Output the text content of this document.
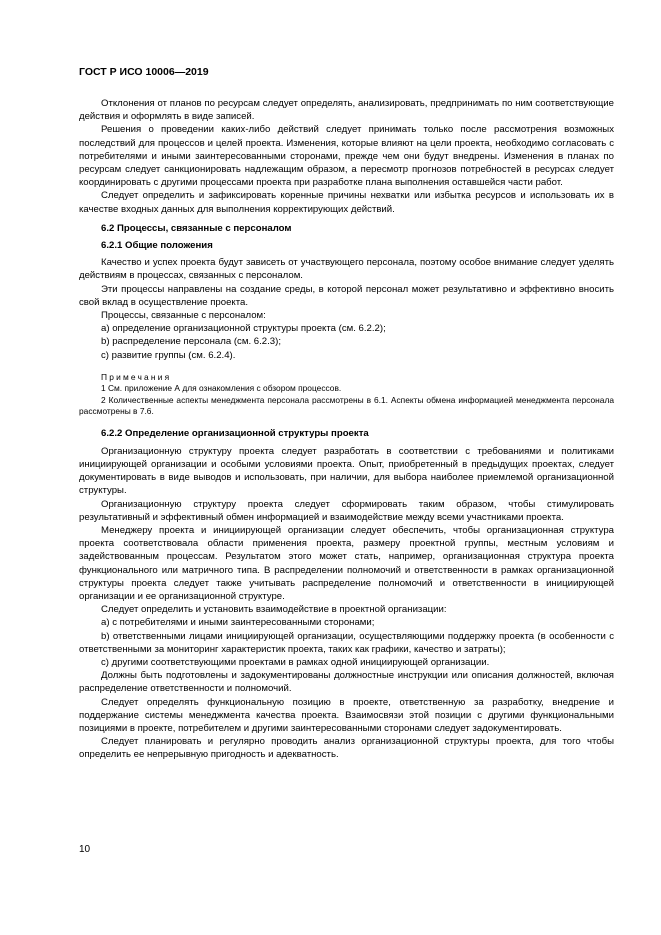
ГОСТ Р ИСО 10006—2019

Отклонения от планов по ресурсам следует определять, анализировать, предпринимать по ним соответствующие действия и оформлять в виде записей.

Решения о проведении каких-либо действий следует принимать только после рассмотрения возможных последствий для процессов и целей проекта. Изменения, которые влияют на цели проекта, необходимо согласовать с потребителями и иными заинтересованными сторонами, прежде чем они будут внедрены. Изменения в планах по ресурсам следует санкционировать надлежащим образом, а пересмотр прогнозов потребностей в ресурсах следует координировать с другими процессами проекта при разработке плана выполнения оставшейся части работ.

Следует определить и зафиксировать коренные причины нехватки или избытка ресурсов и использовать их в качестве входных данных для выполнения корректирующих действий.

6.2 Процессы, связанные с персоналом
6.2.1 Общие положения

Качество и успех проекта будут зависеть от участвующего персонала, поэтому особое внимание следует уделять действиям в процессах, связанных с персоналом.

Эти процессы направлены на создание среды, в которой персонал может результативно и эффективно вносить свой вклад в осуществление проекта.

Процессы, связанные с персоналом:

a) определение организационной структуры проекта (см. 6.2.2);

b) распределение персонала (см. 6.2.3);

c) развитие группы (см. 6.2.4).

Примечания

1 См. приложение А для ознакомления с обзором процессов.

2 Количественные аспекты менеджмента персонала рассмотрены в 6.1. Аспекты обмена информацией менеджмента персонала рассмотрены в 7.6.

6.2.2 Определение организационной структуры проекта

Организационную структуру проекта следует разработать в соответствии с требованиями и политиками инициирующей организации и особыми условиями проекта. Опыт, приобретенный в предыдущих проектах, следует документировать в виде выводов и использовать, при наличии, для выбора наиболее приемлемой организационной структуры.

Организационную структуру проекта следует сформировать таким образом, чтобы стимулировать результативный и эффективный обмен информацией и взаимодействие между всеми участниками проекта.

Менеджеру проекта и инициирующей организации следует обеспечить, чтобы организационная структура проекта соответствовала области применения проекта, размеру проектной группы, местным условиям и задействованным процессам. Результатом этого может стать, например, организационная структура проекта функционального или матричного типа. В распределении полномочий и ответственности в рамках организационной структуры проекта следует также учитывать распределение полномочий и ответственности в инициирующей организации и ее организационной структуре.

Следует определить и установить взаимодействие в проектной организации:

a) с потребителями и иными заинтересованными сторонами;

b) ответственными лицами инициирующей организации, осуществляющими поддержку проекта (в особенности с ответственными за мониторинг характеристик проекта, таких как графики, качество и затраты);

c) другими соответствующими проектами в рамках одной инициирующей организации.

Должны быть подготовлены и задокументированы должностные инструкции или описания должностей, включая распределение ответственности и полномочий.

Следует определять функциональную позицию в проекте, ответственную за разработку, внедрение и поддержание системы менеджмента качества проекта. Взаимосвязи этой позиции с другими функциональными позициями в проекте, потребителем и другими заинтересованными сторонами следует задокументировать.

Следует планировать и регулярно проводить анализ организационной структуры проекта, для того чтобы определить ее непрерывную пригодность и адекватность.

10
